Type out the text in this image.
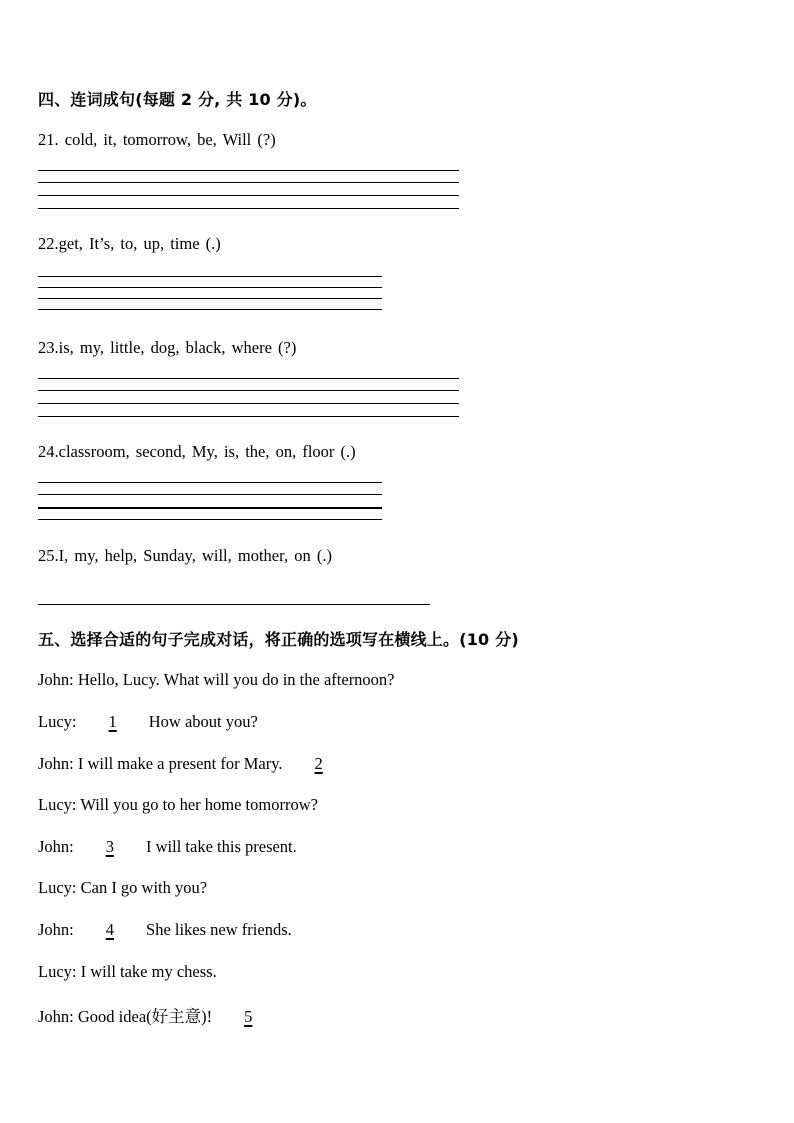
四、连词成句(每题 2 分, 共 10 分)。
21. cold, it, tomorrow, be, Will (?)
22.get, It’s, to, up, time (.)
23.is, my, little, dog, black, where (?)
24.classroom, second, My, is, the, on, floor (.)
25.I, my, help, Sunday, will, mother, on (.)
五、选择合适的句子完成对话，将正确的选项写在横线上。(10 分)
John: Hello, Lucy. What will you do in the afternoon?
Lucy: 1 How about you?
John: I will make a present for Mary. 2
Lucy: Will you go to her home tomorrow?
John: 3 I will take this present.
Lucy: Can I go with you?
John: 4 She likes new friends.
Lucy: I will take my chess.
John: Good idea(好主意)! 5
